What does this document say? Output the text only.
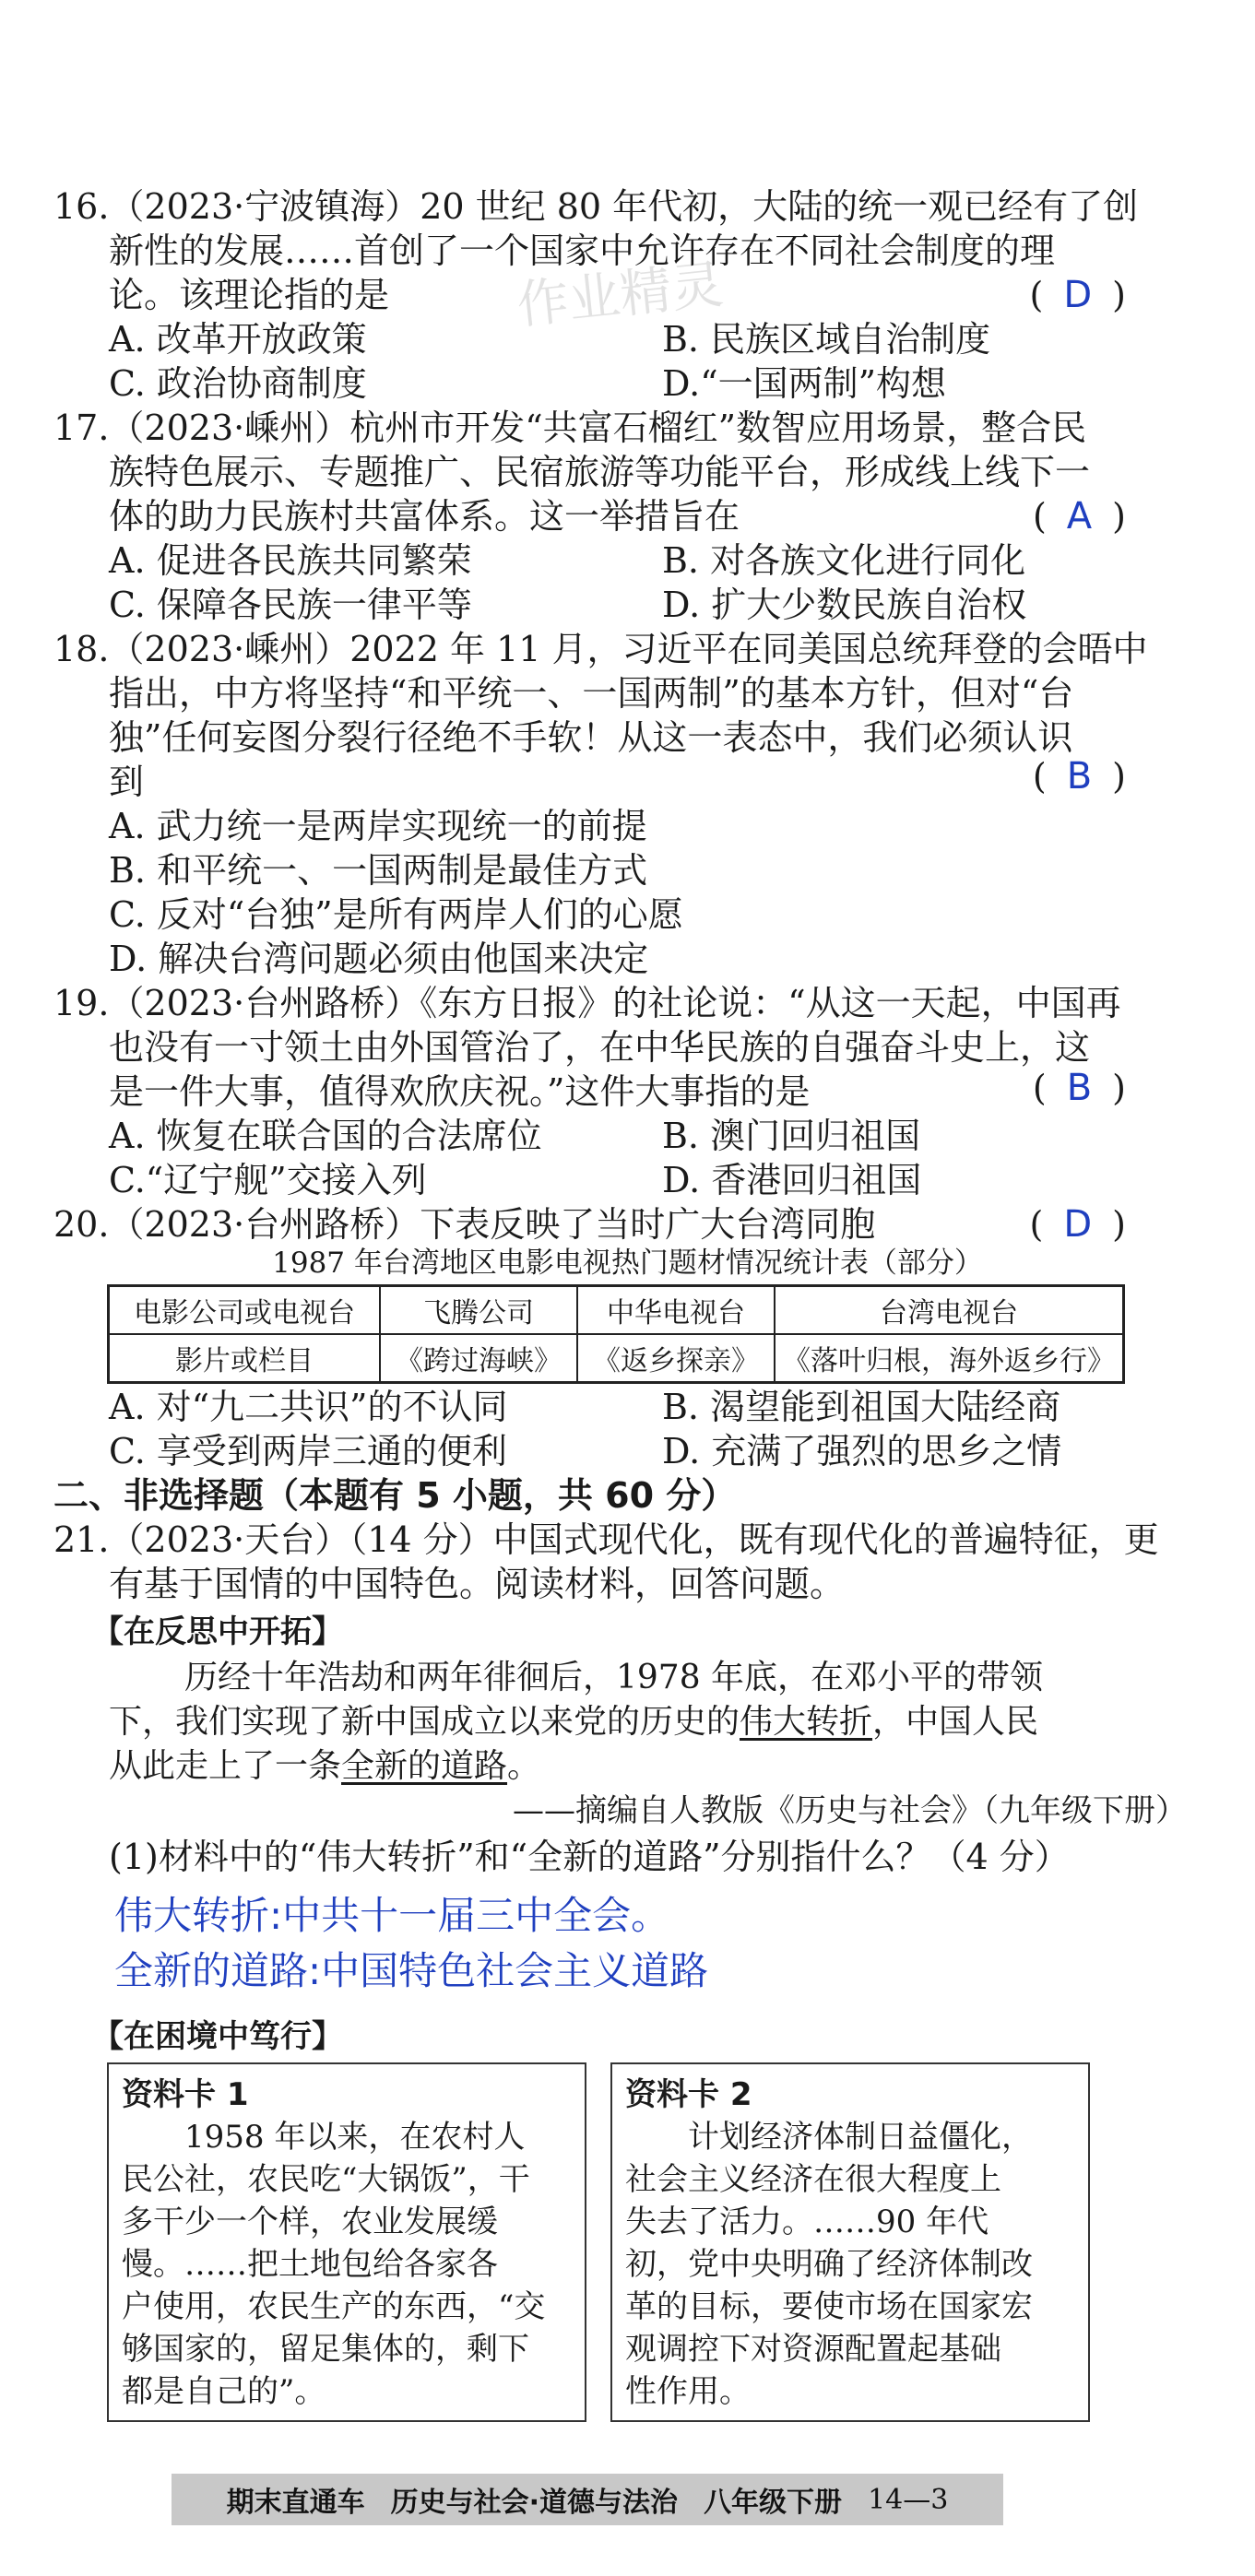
作业精灵
16.（2023·宁波镇海）20 世纪 80 年代初，大陆的统一观已经有了创
新性的发展……首创了一个国家中允许存在不同社会制度的理
论。该理论指的是	( D )
A. 改革开放政策	B. 民族区域自治制度
C. 政治协商制度	D.“一国两制”构想
17.（2023·嵊州）杭州市开发“共富石榴红”数智应用场景，整合民
族特色展示、专题推广、民宿旅游等功能平台，形成线上线下一
体的助力民族村共富体系。这一举措旨在	( A )
A. 促进各民族共同繁荣	B. 对各族文化进行同化
C. 保障各民族一律平等	D. 扩大少数民族自治权
18.（2023·嵊州）2022 年 11 月，习近平在同美国总统拜登的会晤中
指出，中方将坚持“和平统一、一国两制”的基本方针，但对“台
独”任何妄图分裂行径绝不手软！从这一表态中，我们必须认识
到	( B )
A. 武力统一是两岸实现统一的前提
B. 和平统一、一国两制是最佳方式
C. 反对“台独”是所有两岸人们的心愿
D. 解决台湾问题必须由他国来决定
19.（2023·台州路桥）《东方日报》的社论说：“从这一天起，中国再
也没有一寸领土由外国管治了，在中华民族的自强奋斗史上，这
是一件大事，值得欢欣庆祝。”这件大事指的是	( B )
A. 恢复在联合国的合法席位	B. 澳门回归祖国
C.“辽宁舰”交接入列	D. 香港回归祖国
20.（2023·台州路桥）下表反映了当时广大台湾同胞	( D )
1987 年台湾地区电影电视热门题材情况统计表（部分）
电影公司或电视台	飞腾公司	中华电视台	台湾电视台
影片或栏目	《跨过海峡》	《返乡探亲》	《落叶归根，海外返乡行》
A. 对“九二共识”的不认同	B. 渴望能到祖国大陆经商
C. 享受到两岸三通的便利	D. 充满了强烈的思乡之情
二、非选择题（本题有 5 小题，共 60 分）
21.（2023·天台）（14 分）中国式现代化，既有现代化的普遍特征，更
有基于国情的中国特色。阅读材料，回答问题。
【在反思中开拓】
历经十年浩劫和两年徘徊后，1978 年底，在邓小平的带领
下，我们实现了新中国成立以来党的历史的伟大转折，中国人民
从此走上了一条全新的道路。
——摘编自人教版《历史与社会》（九年级下册）
(1)材料中的“伟大转折”和“全新的道路”分别指什么？（4 分）
伟大转折:中共十一届三中全会。
全新的道路:中国特色社会主义道路
【在困境中笃行】
资料卡 1
　　1958 年以来，在农村人
民公社，农民吃“大锅饭”，干
多干少一个样，农业发展缓
慢。……把土地包给各家各
户使用，农民生产的东西，“交
够国家的，留足集体的，剩下
都是自己的”。
资料卡 2
　　计划经济体制日益僵化，
社会主义经济在很大程度上
失去了活力。……90 年代
初，党中央明确了经济体制改
革的目标，要使市场在国家宏
观调控下对资源配置起基础
性作用。
期末直通车 历史与社会·道德与法治 八年级下册 14—3
